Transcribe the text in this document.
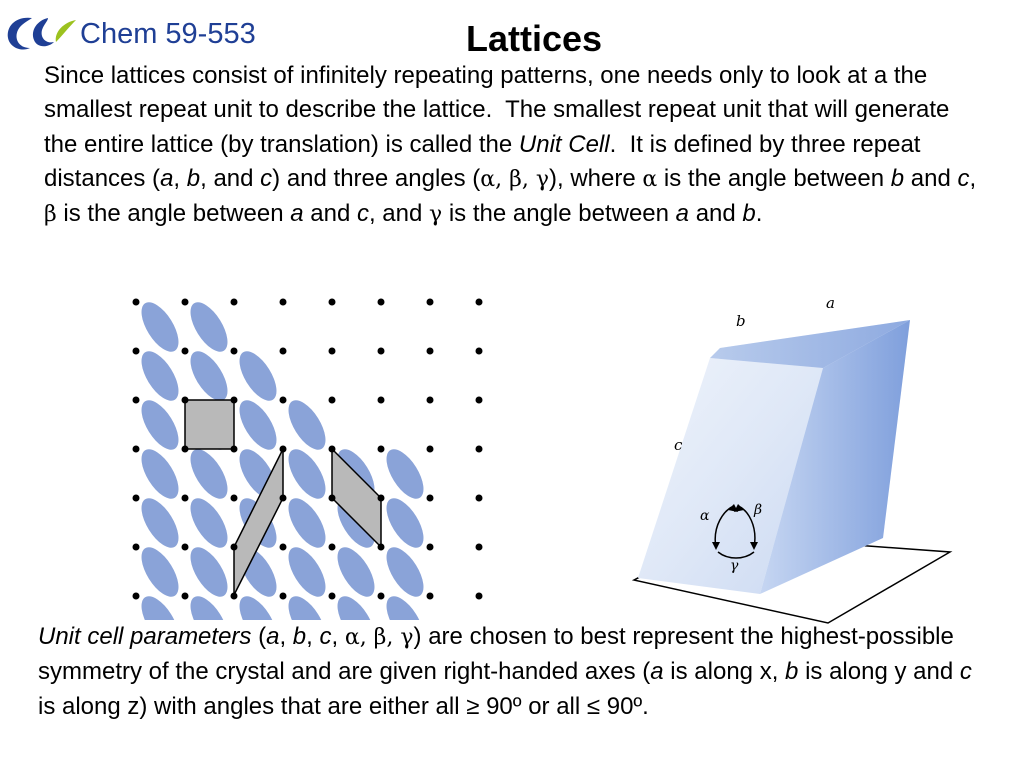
Chem 59-553	Lattices
Since lattices consist of infinitely repeating patterns, one needs only to look at a the smallest repeat unit to describe the lattice.  The smallest repeat unit that will generate the entire lattice (by translation) is called the Unit Cell.  It is defined by three repeat distances (a, b, and c) and three angles (α, β, γ), where α is the angle between b and c, β is the angle between a and c, and γ is the angle between a and b.
a
b
c
α	β
γ
Unit cell parameters (a, b, c, α, β, γ) are chosen to best represent the highest-possible symmetry of the crystal and are given right-handed axes (a is along x, b is along y and c is along z) with angles that are either all ≥ 90º or all ≤ 90º.
